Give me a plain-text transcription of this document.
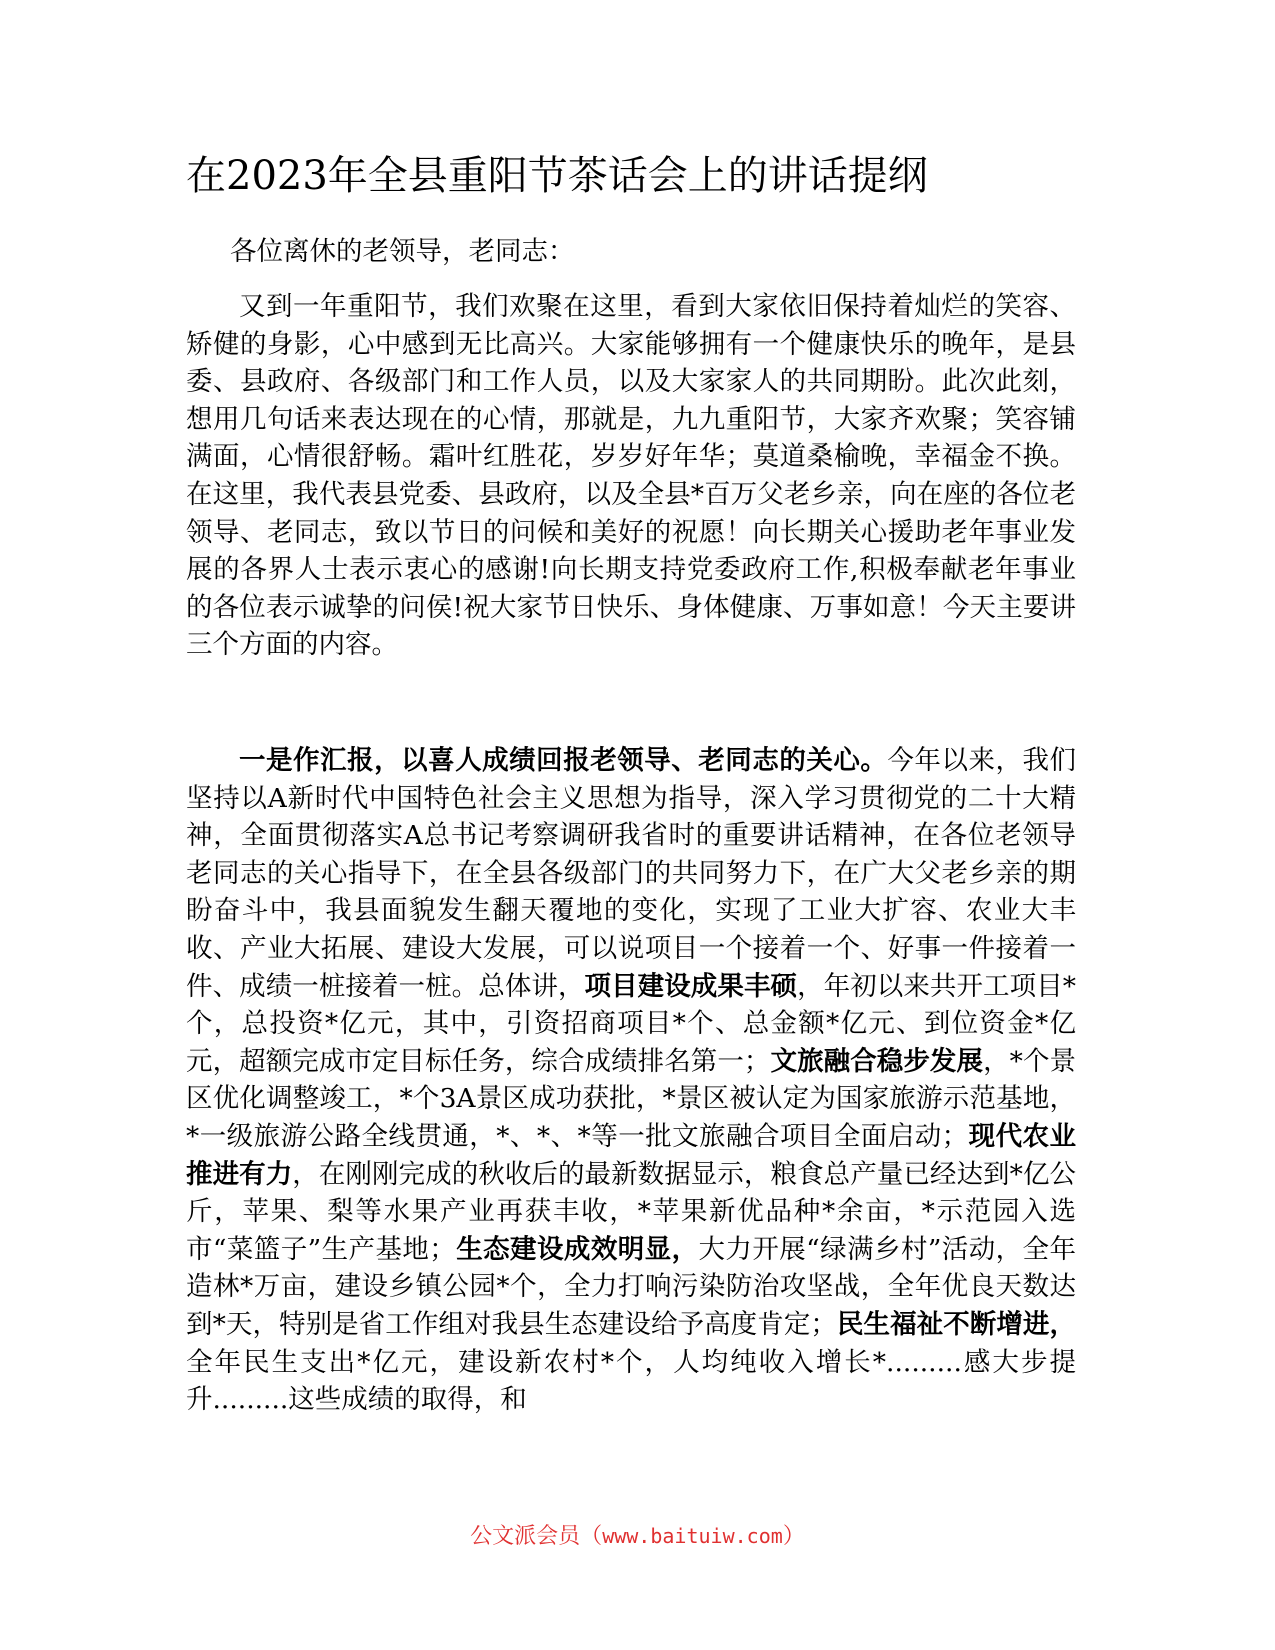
在2023年全县重阳节茶话会上的讲话提纲

各位离休的老领导，老同志：

又到一年重阳节，我们欢聚在这里，看到大家依旧保持着灿烂的笑容、矫健的身影，心中感到无比高兴。大家能够拥有一个健康快乐的晚年，是县委、县政府、各级部门和工作人员，以及大家家人的共同期盼。此次此刻，想用几句话来表达现在的心情，那就是，九九重阳节，大家齐欢聚；笑容铺满面，心情很舒畅。霜叶红胜花，岁岁好年华；莫道桑榆晚，幸福金不换。在这里，我代表县党委、县政府，以及全县*百万父老乡亲，向在座的各位老领导、老同志，致以节日的问候和美好的祝愿！向长期关心援助老年事业发展的各界人士表示衷心的感谢!向长期支持党委政府工作,积极奉献老年事业的各位表示诚挚的问侯!祝大家节日快乐、身体健康、万事如意！今天主要讲三个方面的内容。

一是作汇报，以喜人成绩回报老领导、老同志的关心。今年以来，我们坚持以A新时代中国特色社会主义思想为指导，深入学习贯彻党的二十大精神，全面贯彻落实A总书记考察调研我省时的重要讲话精神，在各位老领导老同志的关心指导下，在全县各级部门的共同努力下，在广大父老乡亲的期盼奋斗中，我县面貌发生翻天覆地的变化，实现了工业大扩容、农业大丰收、产业大拓展、建设大发展，可以说项目一个接着一个、好事一件接着一件、成绩一桩接着一桩。总体讲，项目建设成果丰硕，年初以来共开工项目*个，总投资*亿元，其中，引资招商项目*个、总金额*亿元、到位资金*亿元，超额完成市定目标任务，综合成绩排名第一；文旅融合稳步发展，*个景区优化调整竣工，*个3A景区成功获批，*景区被认定为国家旅游示范基地，*一级旅游公路全线贯通，*、*、*等一批文旅融合项目全面启动；现代农业推进有力，在刚刚完成的秋收后的最新数据显示，粮食总产量已经达到*亿公斤，苹果、梨等水果产业再获丰收，*苹果新优品种*余亩，*示范园入选市“菜篮子”生产基地；生态建设成效明显，大力开展“绿满乡村”活动，全年造林*万亩，建设乡镇公园*个，全力打响污染防治攻坚战，全年优良天数达到*天，特别是省工作组对我县生态建设给予高度肯定；民生福祉不断增进，全年民生支出*亿元，建设新农村*个，人均纯收入增长*.........感大步提升.........这些成绩的取得，和

公文派会员（www.baituiw.com）
